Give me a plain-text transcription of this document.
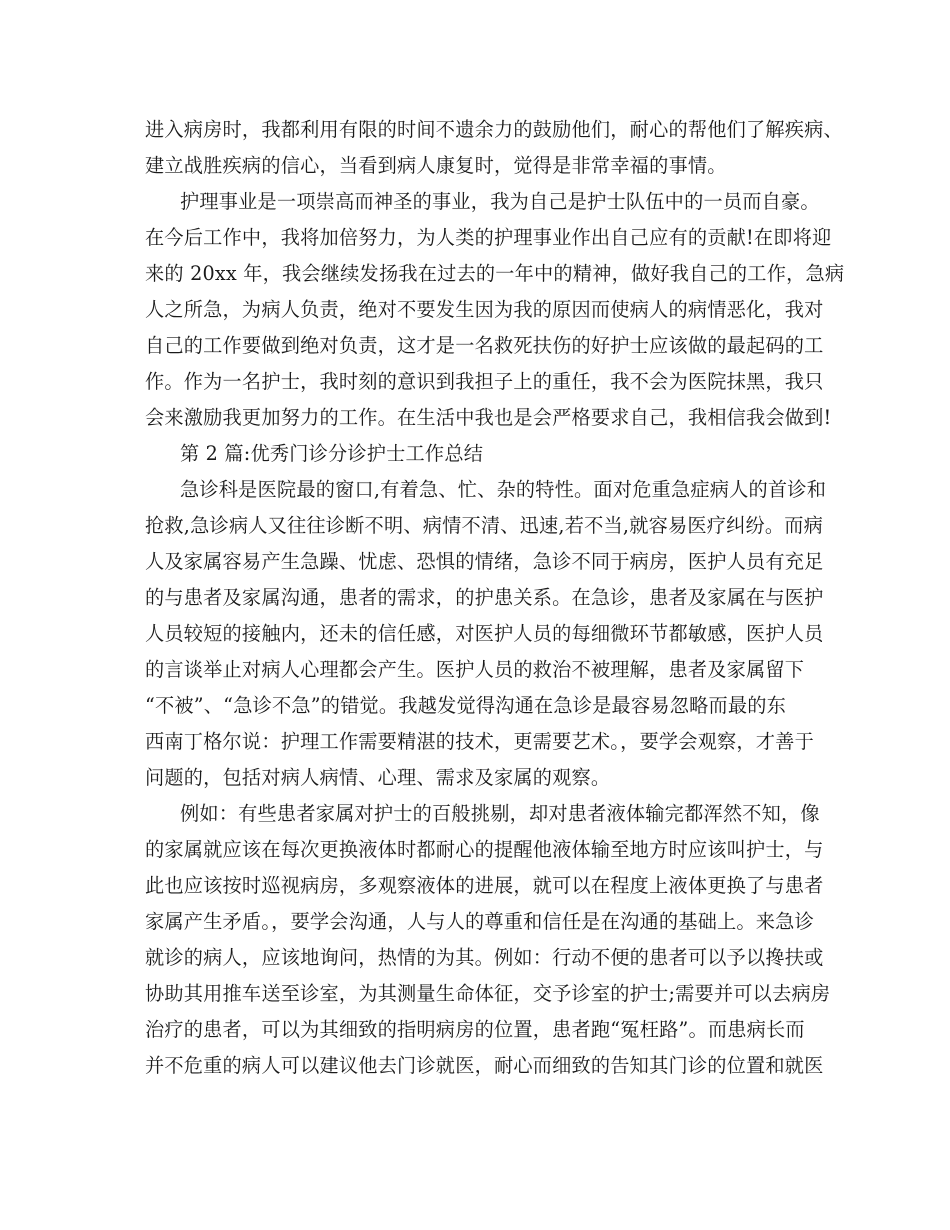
进入病房时，我都利用有限的时间不遗余力的鼓励他们，耐心的帮他们了解疾病、

建立战胜疾病的信心，当看到病人康复时，觉得是非常幸福的事情。

护理事业是一项崇高而神圣的事业，我为自己是护士队伍中的一员而自豪。

在今后工作中，我将加倍努力，为人类的护理事业作出自己应有的贡献!在即将迎

来的 20xx 年，我会继续发扬我在过去的一年中的精神，做好我自己的工作，急病

人之所急，为病人负责，绝对不要发生因为我的原因而使病人的病情恶化，我对

自己的工作要做到绝对负责，这才是一名救死扶伤的好护士应该做的最起码的工

作。作为一名护士，我时刻的意识到我担子上的重任，我不会为医院抹黑，我只

会来激励我更加努力的工作。在生活中我也是会严格要求自己，我相信我会做到!

第 2 篇:优秀门诊分诊护士工作总结

急诊科是医院最的窗口,有着急、忙、杂的特性。面对危重急症病人的首诊和

抢救,急诊病人又往往诊断不明、病情不清、迅速,若不当,就容易医疗纠纷。而病

人及家属容易产生急躁、忧虑、恐惧的情绪，急诊不同于病房，医护人员有充足

的与患者及家属沟通，患者的需求，的护患关系。在急诊，患者及家属在与医护

人员较短的接触内，还未的信任感，对医护人员的每细微环节都敏感，医护人员

的言谈举止对病人心理都会产生。医护人员的救治不被理解，患者及家属留下

“不被”、“急诊不急”的错觉。我越发觉得沟通在急诊是最容易忽略而最的东

西南丁格尔说：护理工作需要精湛的技术，更需要艺术。，要学会观察，才善于

问题的，包括对病人病情、心理、需求及家属的观察。

例如：有些患者家属对护士的百般挑剔，却对患者液体输完都浑然不知，像

的家属就应该在每次更换液体时都耐心的提醒他液体输至地方时应该叫护士，与

此也应该按时巡视病房，多观察液体的进展，就可以在程度上液体更换了与患者

家属产生矛盾。，要学会沟通，人与人的尊重和信任是在沟通的基础上。来急诊

就诊的病人，应该地询问，热情的为其。例如：行动不便的患者可以予以搀扶或

协助其用推车送至诊室，为其测量生命体征，交予诊室的护士;需要并可以去病房

治疗的患者，可以为其细致的指明病房的位置，患者跑“冤枉路”。而患病长而

并不危重的病人可以建议他去门诊就医，耐心而细致的告知其门诊的位置和就医
